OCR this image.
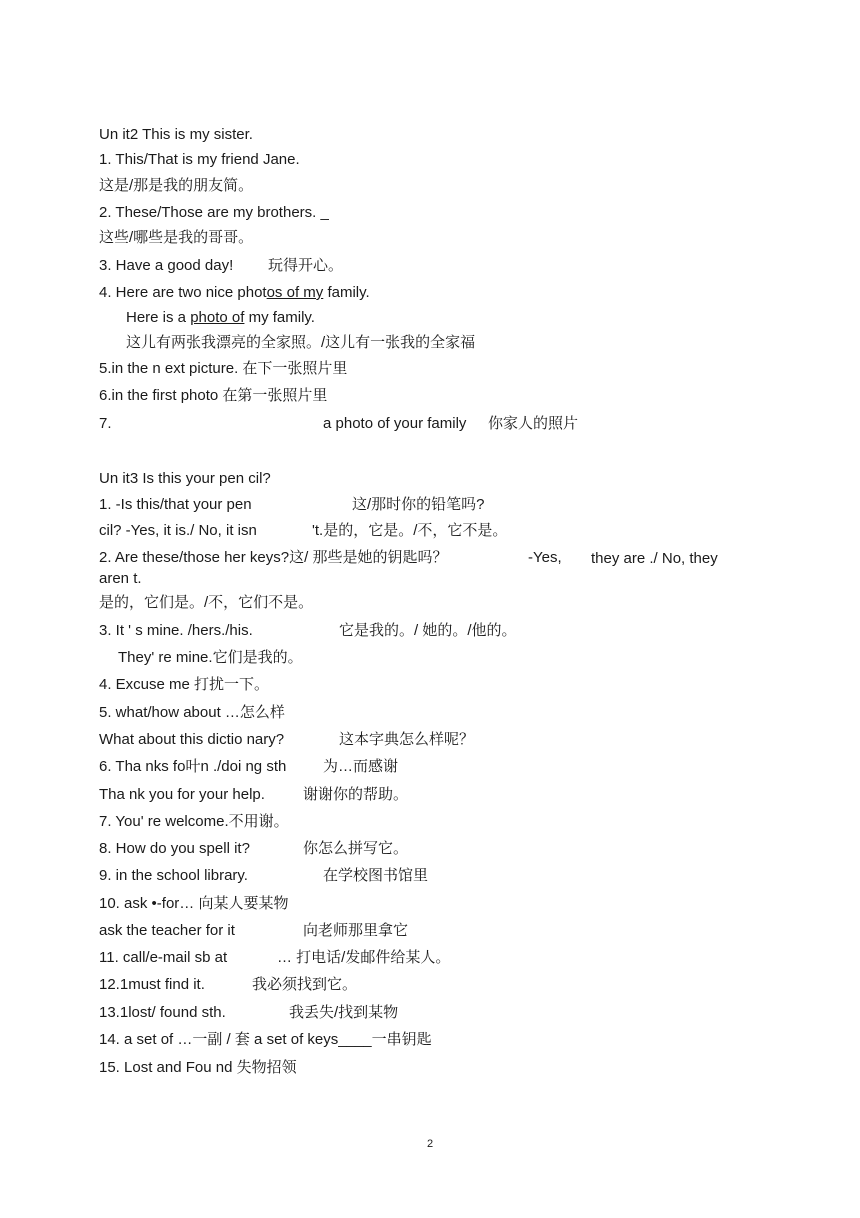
Un it2 This is my sister.
1. This/That is my friend Jane.
这是/那是我的朋友简。
2. These/Those are my brothers. _
这些/哪些是我的哥哥。
3. Have a good day! 玩得开心。
4. Here are two nice photos of my family.
Here is a photo of my family.
这儿有两张我漂亮的全家照。/这儿有一张我的全家福
5.in the n ext picture. 在下一张照片里
6.in the first photo 在第一张照片里
7.	a photo of your family 你家人的照片
Un it3 Is this your pen cil?
1. -Is this/that your pen	这/那时你的铅笔吗?
cil? -Yes, it is./ No, it isn	't.是的，它是。/不，它不是。
2. Are these/those her keys?这/ 那些是她的钥匙吗？	-Yes, they are ./ No, they
aren t.
是的，它们是。/不，它们不是。
3. It ' s mine. /hers./his.	它是我的。/ 她的。/他的。
They' re mine.它们是我的。
4. Excuse me 打扰一下。
5. what/how about …怎么样
What about this dictio nary?	这本字典怎么样呢？
6. Tha nks fo叶n ./doi ng sth 为…而感谢
Tha nk you for your help.	谢谢你的帮助。
7. You' re welcome.不用谢。
8. How do you spell it?	你怎么拼写它。
9. in the school library.	在学校图书馆里
10. ask •-for… 向某人要某物
ask the teacher for it	向老师那里拿它
11. call/e-mail sb at	… 打电话/发邮件给某人。
12.1must find it.	我必须找到它。
13.1lost/ found sth.	我丢失/找到某物
14. a set of …一副 / 套 a set of keys____一串钥匙
15. Lost and Fou nd 失物招领
2
